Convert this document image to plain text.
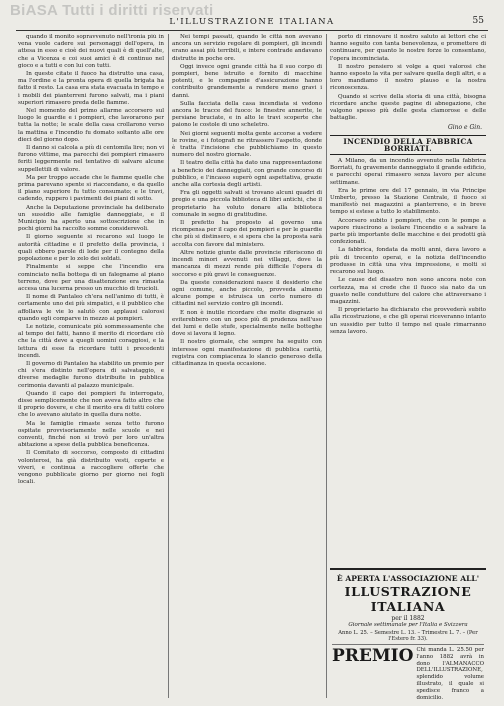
BiASA Tutti i diritti riservati
L'ILLUSTRAZIONE ITALIANA	55

quando il monito sopravvenuto nell'ironia più in vena vuole cadere sui personaggi dell'opera, in attesa in esso e cioè dei nuovi quali è di quell'alte, che a Vicenza e coi suoi amici è di continuo nel gioco e a tutti e con lui con tutti.

In queste citate il fuoco ha distrutto una casa, ma l'ordine e la pronta opera di quella brigata ha fatto il resto. La casa era stata evacuata in tempo e i mobili dei pianterreni furono salvati, ma i piani superiori rimasero preda delle fiamme.

Nel momento del primo allarme accorsero sul luogo le guardie e i pompieri, che lavorarono per tutta la notte; le scale della casa crollarono verso la mattina e l'incendio fu domato soltanto alle ore dieci del giorno dopo.

Il danno si calcola a più di centomila lire; non vi furono vittime, ma parecchi dei pompieri rimasero feriti leggermente nel tentativo di salvare alcune suppellettili di valore.

Ma per troppo accade che le fiamme quelle che prima parevano spente si riaccendano, e da quello il piano superiore fu tutto consumato; e le travi, cadendo, ruppero i pavimenti dei piani di sotto.

Anche la Deputazione provinciale ha deliberato un sussidio alle famiglie danneggiate, e il Municipio ha aperto una sottoscrizione che in pochi giorni ha raccolto somme considerevoli.

Il giorno seguente si recarono sul luogo le autorità cittadine e il prefetto della provincia, i quali ebbero parole di lode per il contegno della popolazione e per lo zelo dei soldati.

Finalmente si seppe che l'incendio era cominciato nella bottega di un falegname al piano terreno, dove per una disattenzione era rimasta accesa una lucerna presso un mucchio di trucioli.

Il nome di Pantaleo ch'era nell'animo di tutti, è certamente uno dei più simpatici, e il pubblico che affollava le vie lo salutò con applausi calorosi quando egli comparve in mezzo ai pompieri.

Le notizie, comunicate più sommessamente che al tempo dei fatti, hanno il merito di ricordare ciò che la città deve a quegli uomini coraggiosi, e la lettura di esse fa ricordare tutti i precedenti incendi.

Il governo di Pantaleo ha stabilito un premio per chi s'era distinto nell'opera di salvataggio, e diverse medaglie furono distribuite in pubblica cerimonia davanti al palazzo municipale.

Quando il capo dei pompieri fu interrogato, disse semplicemente che non aveva fatto altro che il proprio dovere, e che il merito era di tutti coloro che lo avevano aiutato in quella dura notte.

Ma le famiglie rimaste senza tetto furono ospitate provvisoriamente nelle scuole e nei conventi, finché non si trovò per loro un'altra abitazione a spese della pubblica beneficenza.

Il Comitato di soccorso, composto di cittadini volonterosi, ha già distribuito vesti, coperte e viveri, e continua a raccogliere offerte che vengono pubblicate giorno per giorno nei fogli locali.

Nei tempi passati, quando le città non avevano ancora un servizio regolare di pompieri, gli incendi erano assai più terribili, e intere contrade andavano distrutte in poche ore.

Oggi invece ogni grande città ha il suo corpo di pompieri, bene istruito e fornito di macchine potenti, e le compagnie d'assicurazione hanno contribuito grandemente a rendere meno gravi i danni.

Sulla facciata della casa incendiata si vedono ancora le tracce del fuoco: le finestre annerite, le persiane bruciate, e in alto le travi scoperte che paiono le costole di uno scheletro.

Nei giorni seguenti molta gente accorse a vedere le rovine, e i fotografi ne ritrassero l'aspetto, donde è tratta l'incisione che pubblichiamo in questo numero del nostro giornale.

Il teatro della città ha dato una rappresentazione a beneficio dei danneggiati, con grande concorso di pubblico, e l'incasso superò ogni aspettativa, grazie anche alla cortesia degli artisti.

Fra gli oggetti salvati si trovano alcuni quadri di pregio e una piccola biblioteca di libri antichi, che il proprietario ha voluto donare alla biblioteca comunale in segno di gratitudine.

Il prefetto ha proposto al governo una ricompensa per il capo dei pompieri e per le guardie che più si distinsero, e si spera che la proposta sarà accolta con favore dal ministero.

Altre notizie giunte dalle provincie riferiscono di incendi minori avvenuti nei villaggi, dove la mancanza di mezzi rende più difficile l'opera di soccorso e più gravi le conseguenze.

Da queste considerazioni nasce il desiderio che ogni comune, anche piccolo, provveda almeno alcune pompe e istruisca un certo numero di cittadini nel servizio contro gli incendi.

E non è inutile ricordare che molte disgrazie si eviterebbero con un poco più di prudenza nell'uso dei lumi e delle stufe, specialmente nelle botteghe dove si lavora il legno.

Il nostro giornale, che sempre ha seguito con interesse ogni manifestazione di pubblica carità, registra con compiacenza lo slancio generoso della cittadinanza in questa occasione.

porto di rinnovare il nostro saluto ai lettori che ci hanno seguito con tanta benevolenza, e promettere di continuare, per quanto le nostre forze lo consentano, l'opera incominciata.

Il nostro pensiero si volge a quei valorosi che hanno esposto la vita per salvare quella degli altri, e a loro mandiamo il nostro plauso e la nostra riconoscenza.

Quando si scrive della storia di una città, bisogna ricordare anche queste pagine di abnegazione, che valgono spesso più delle gesta clamorose e delle battaglie.

Gino e Gin.
INCENDIO DELLA FABBRICA BORRIATI.

A Milano, da un incendio avvenuto nella fabbrica Borriati, fu gravemente danneggiato il grande edificio, e parecchi operai rimasero senza lavoro per alcune settimane.

Era le prime ore del 17 gennaio, in via Principe Umberto, presso la Stazione Centrale, il fuoco si manifestò nei magazzini a pianterreno, e in breve tempo si estese a tutto lo stabilimento.

Accorsero subito i pompieri, che con le pompe a vapore riuscirono a isolare l'incendio e a salvare la parte più importante delle macchine e dei prodotti già confezionati.

La fabbrica, fondata da molti anni, dava lavoro a più di trecento operai, e la notizia dell'incendio produsse in città una viva impressione, e molti si recarono sul luogo.

Le cause del disastro non sono ancora note con certezza, ma si crede che il fuoco sia nato da un guasto nelle condutture del calore che attraversano i magazzini.

Il proprietario ha dichiarato che provvederà subito alla ricostruzione, e che gli operai riceveranno intanto un sussidio per tutto il tempo nel quale rimarranno senza lavoro.

È APERTA L'ASSOCIAZIONE ALL'
ILLUSTRAZIONE ITALIANA
per il 1882
Giornale settimanale per l'Italia e Svizzera
Anno L. 25. – Semestre L. 13. – Trimestre L. 7. – (Per l'Estero fr. 33).
PREMIO Chi manda L. 25.50 per l'anno 1882 avrà in dono l'ALMANACCO DELL'ILLUSTRAZIONE, splendido volume illustrato, il quale si spedisce franco a domicilio.
